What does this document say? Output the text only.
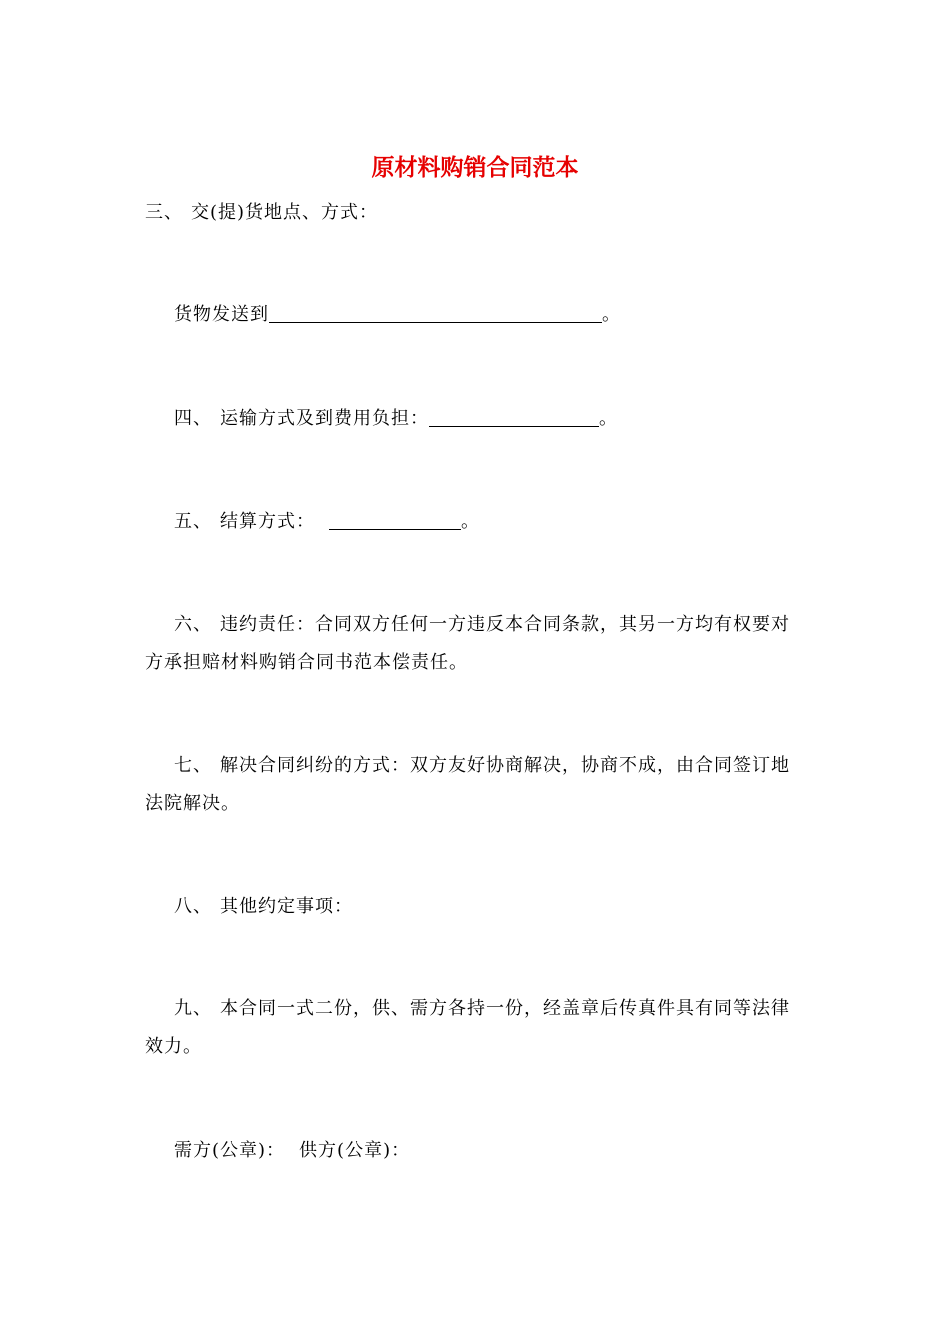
原材料购销合同范本
三、 交(提)货地点、方式：
货物发送到	。
四、 运输方式及到费用负担：	。
五、 结算方式：	。
六、 违约责任：合同双方任何一方违反本合同条款，其另一方均有权要对
方承担赔材料购销合同书范本偿责任。
七、 解决合同纠纷的方式：双方友好协商解决，协商不成，由合同签订地
法院解决。
八、 其他约定事项：
九、 本合同一式二份，供、需方各持一份，经盖章后传真件具有同等法律
效力。
需方(公章)： 供方(公章)：
